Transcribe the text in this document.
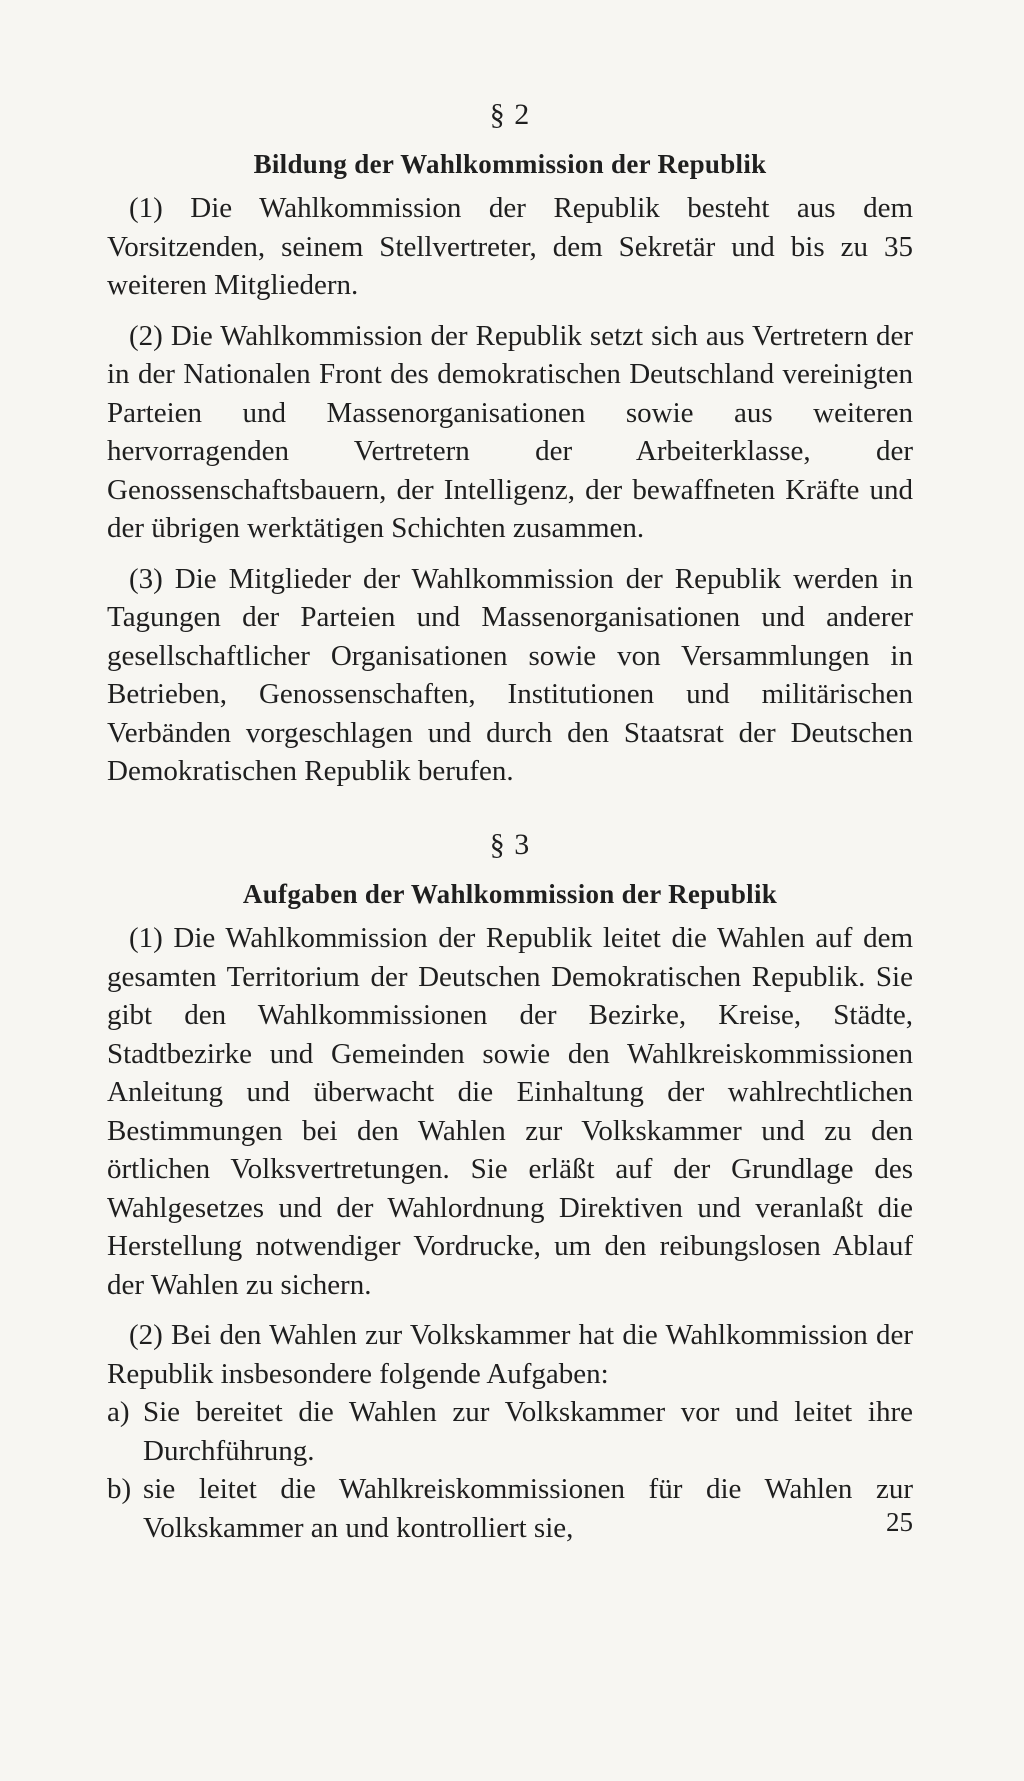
§ 2

Bildung der Wahlkommission der Republik

(1) Die Wahlkommission der Republik besteht aus dem Vorsitzenden, seinem Stellvertreter, dem Sekretär und bis zu 35 weiteren Mitgliedern.

(2) Die Wahlkommission der Republik setzt sich aus Vertretern der in der Nationalen Front des demokratischen Deutschland vereinigten Parteien und Massenorganisationen sowie aus weiteren hervorragenden Vertretern der Arbeiterklasse, der Genossenschaftsbauern, der Intelligenz, der bewaffneten Kräfte und der übrigen werktätigen Schichten zusammen.

(3) Die Mitglieder der Wahlkommission der Republik werden in Tagungen der Parteien und Massenorganisationen und anderer gesellschaftlicher Organisationen sowie von Versammlungen in Betrieben, Genossenschaften, Institutionen und militärischen Verbänden vorgeschlagen und durch den Staatsrat der Deutschen Demokratischen Republik berufen.

§ 3

Aufgaben der Wahlkommission der Republik

(1) Die Wahlkommission der Republik leitet die Wahlen auf dem gesamten Territorium der Deutschen Demokratischen Republik. Sie gibt den Wahlkommissionen der Bezirke, Kreise, Städte, Stadtbezirke und Gemeinden sowie den Wahlkreiskommissionen Anleitung und überwacht die Einhaltung der wahlrechtlichen Bestimmungen bei den Wahlen zur Volkskammer und zu den örtlichen Volksvertretungen. Sie erläßt auf der Grundlage des Wahlgesetzes und der Wahlordnung Direktiven und veranlaßt die Herstellung notwendiger Vordrucke, um den reibungslosen Ablauf der Wahlen zu sichern.

(2) Bei den Wahlen zur Volkskammer hat die Wahlkommission der Republik insbesondere folgende Aufgaben:

a) Sie bereitet die Wahlen zur Volkskammer vor und leitet ihre Durchführung.
b) sie leitet die Wahlkreiskommissionen für die Wahlen zur Volkskammer an und kontrolliert sie,	25
